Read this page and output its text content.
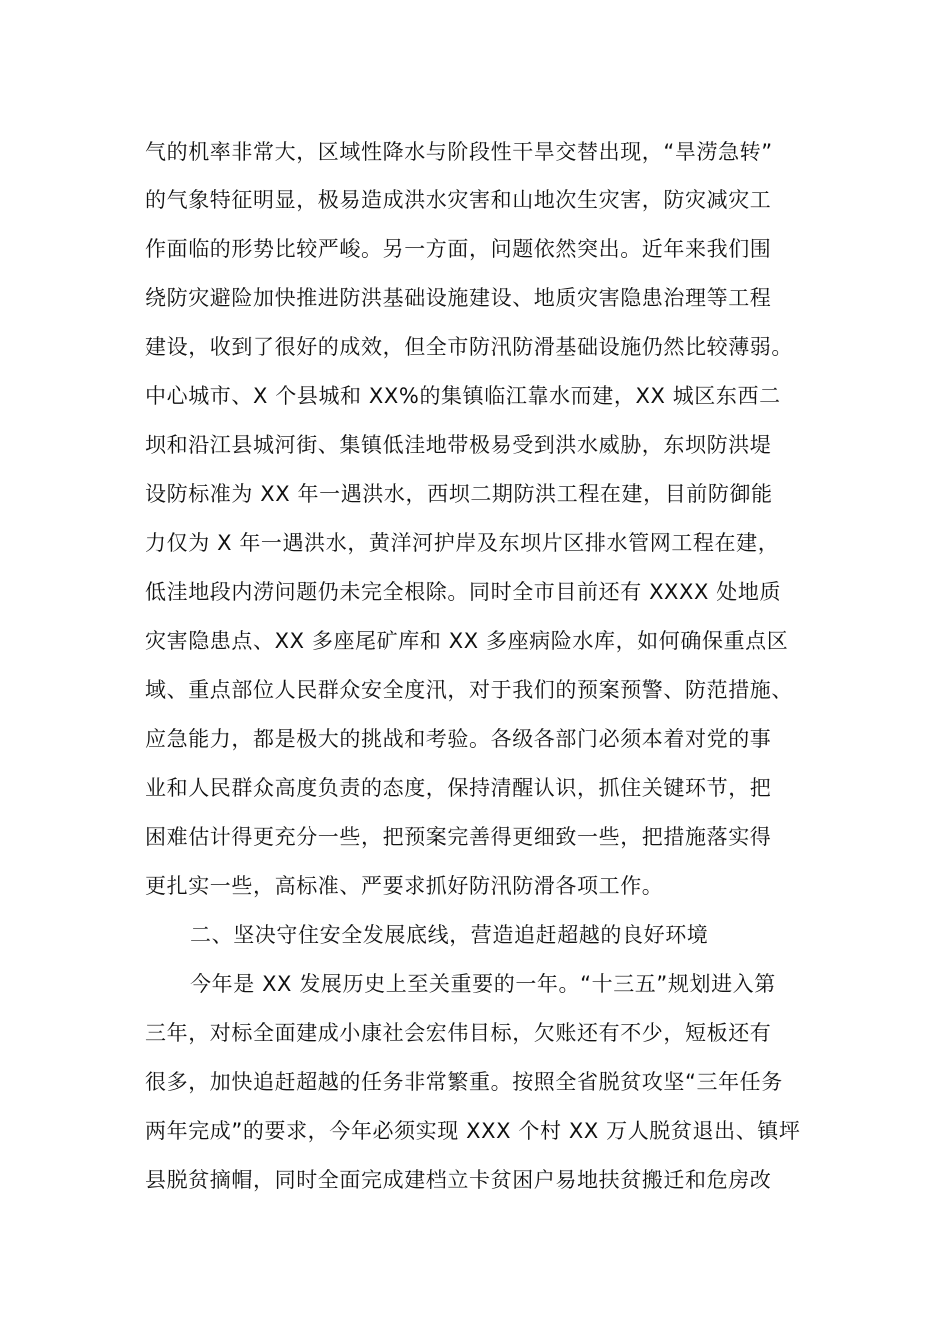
气的机率非常大，区域性降水与阶段性干旱交替出现，“旱涝急转”
的气象特征明显，极易造成洪水灾害和山地次生灾害，防灾减灾工
作面临的形势比较严峻。另一方面，问题依然突出。近年来我们围
绕防灾避险加快推进防洪基础设施建设、地质灾害隐患治理等工程
建设，收到了很好的成效，但全市防汛防滑基础设施仍然比较薄弱。
中心城市、X 个县城和 XX%的集镇临江靠水而建，XX 城区东西二
坝和沿江县城河街、集镇低洼地带极易受到洪水威胁，东坝防洪堤
设防标准为 XX 年一遇洪水，西坝二期防洪工程在建，目前防御能
力仅为 X 年一遇洪水，黄洋河护岸及东坝片区排水管网工程在建，
低洼地段内涝问题仍未完全根除。同时全市目前还有 XXXX 处地质
灾害隐患点、XX 多座尾矿库和 XX 多座病险水库，如何确保重点区
域、重点部位人民群众安全度汛，对于我们的预案预警、防范措施、
应急能力，都是极大的挑战和考验。各级各部门必须本着对党的事
业和人民群众高度负责的态度，保持清醒认识，抓住关键环节，把
困难估计得更充分一些，把预案完善得更细致一些，把措施落实得
更扎实一些，高标准、严要求抓好防汛防滑各项工作。
二、坚决守住安全发展底线，营造追赶超越的良好环境
今年是 XX 发展历史上至关重要的一年。“十三五”规划进入第
三年，对标全面建成小康社会宏伟目标，欠账还有不少，短板还有
很多，加快追赶超越的任务非常繁重。按照全省脱贫攻坚“三年任务
两年完成”的要求，今年必须实现 XXX 个村 XX 万人脱贫退出、镇坪
县脱贫摘帽，同时全面完成建档立卡贫困户易地扶贫搬迁和危房改
